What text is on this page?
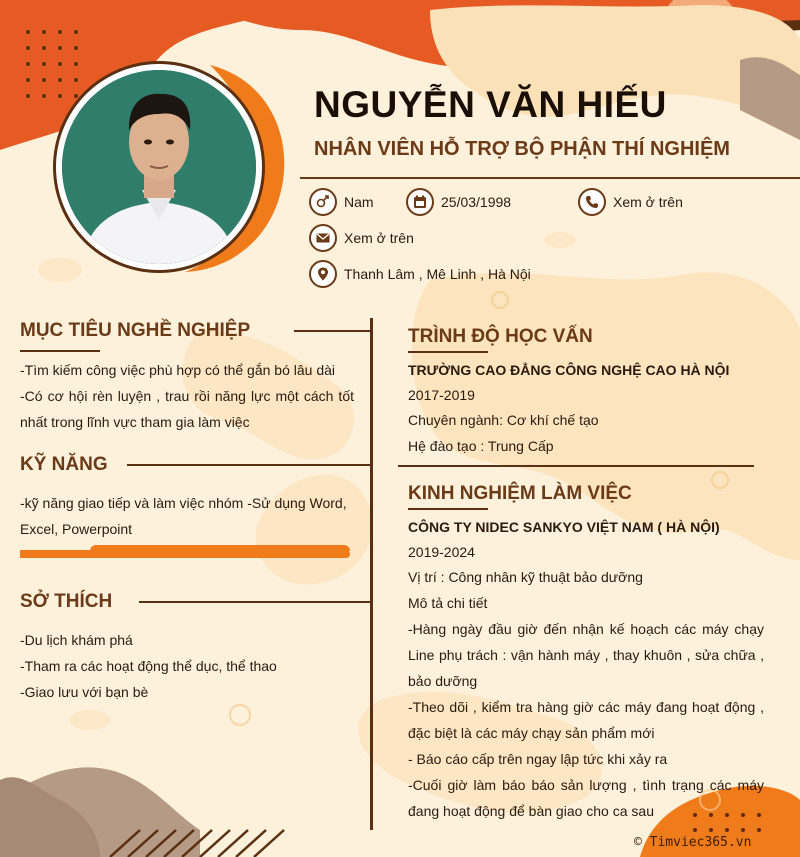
NGUYỄN VĂN HIẾU
NHÂN VIÊN HỖ TRỢ BỘ PHẬN THÍ NGHIỆM
Nam	25/03/1998	Xem ở trên
Xem ở trên
Thanh Lâm , Mê Linh , Hà Nội
MỤC TIÊU NGHỀ NGHIỆP
-Tìm kiếm công việc phù hợp có thể gắn bó lâu dài
-Có cơ hội rèn luyện , trau rồi năng lực một cách tốt nhất trong lĩnh vực tham gia làm việc
KỸ NĂNG
-kỹ năng giao tiếp và làm việc nhóm -Sử dụng Word, Excel, Powerpoint
SỞ THÍCH
-Du lịch khám phá
-Tham ra các hoạt động thể dục, thể thao
-Giao lưu với bạn bè
TRÌNH ĐỘ HỌC VẤN
TRƯỜNG CAO ĐẲNG CÔNG NGHỆ CAO HÀ NỘI
2017-2019
Chuyên ngành: Cơ khí chế tạo
Hệ đào tạo : Trung Cấp
KINH NGHIỆM LÀM VIỆC
CÔNG TY NIDEC SANKYO VIỆT NAM ( HÀ NỘI)
2019-2024
Vị trí : Công nhân kỹ thuật bảo dưỡng
Mô tả chi tiết
-Hàng ngày đầu giờ đến nhận kế hoạch các máy chạy Line phụ trách : vận hành máy , thay khuôn , sửa chữa , bảo dưỡng
-Theo dõi , kiểm tra hàng giờ các máy đang hoạt động , đặc biệt là các máy chạy sản phẩm mới
- Báo cáo cấp trên ngay lập tức khi xảy ra
-Cuối giờ làm báo báo sản lượng , tình trạng các máy đang hoạt động để bàn giao cho ca sau
© Timviec365.vn
